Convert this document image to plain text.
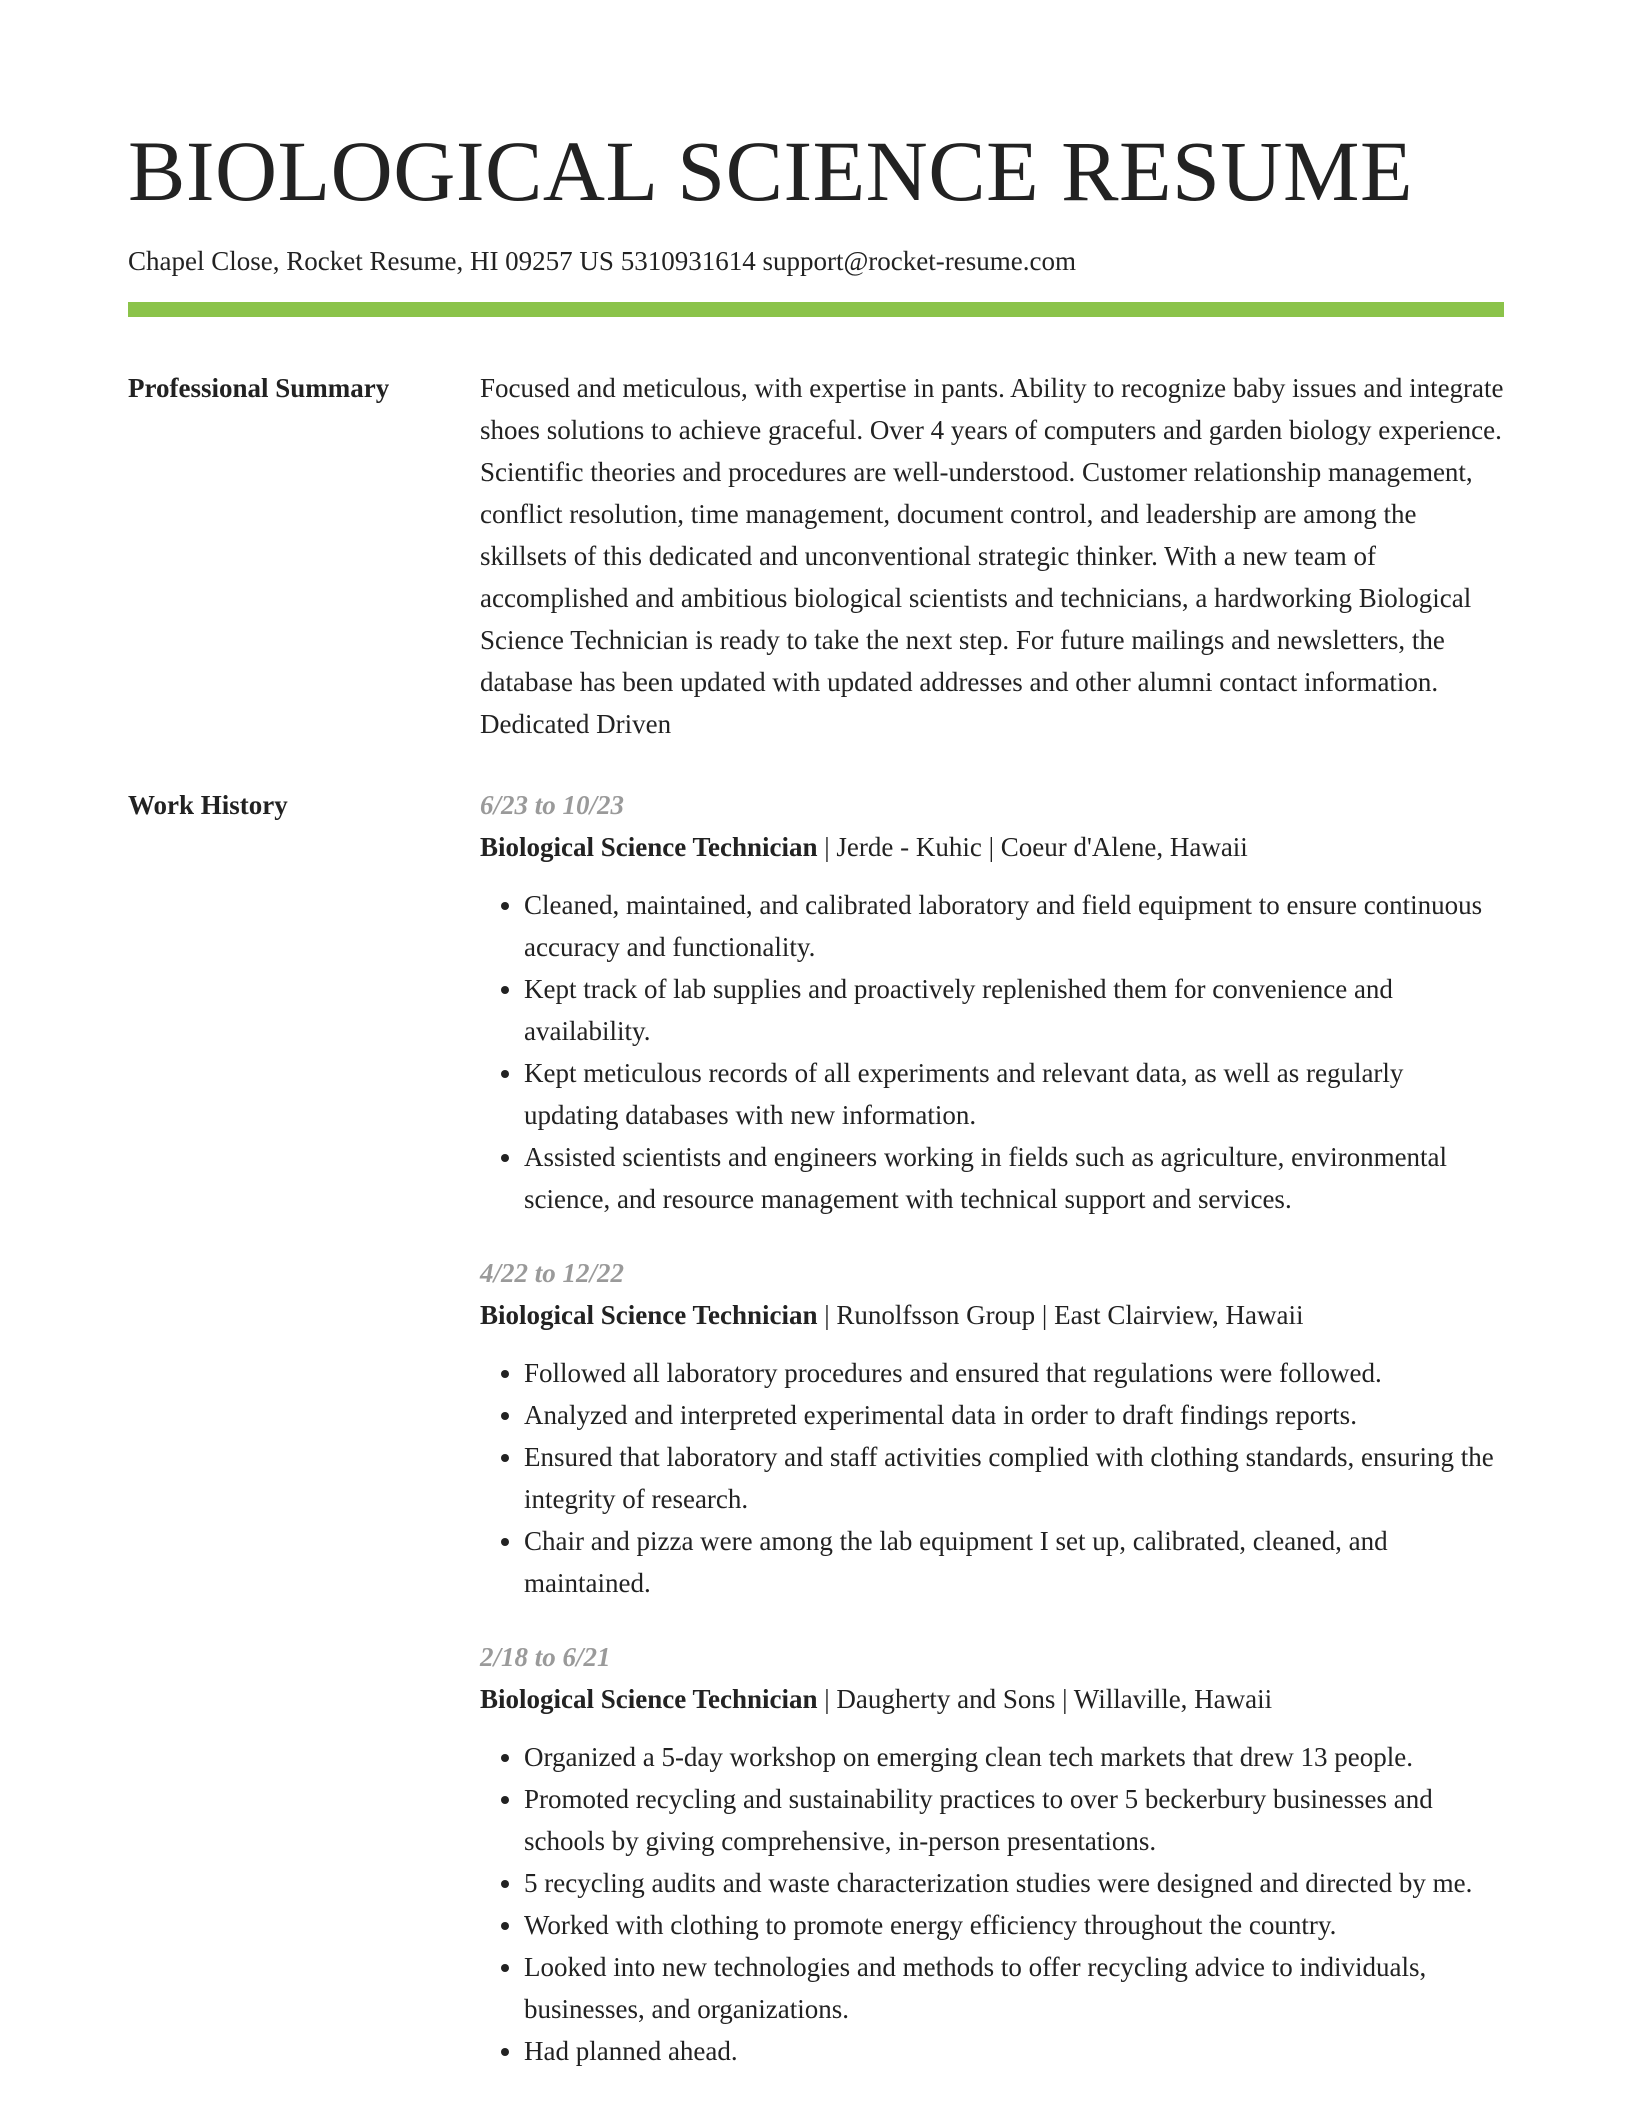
BIOLOGICAL SCIENCE RESUME
Chapel Close, Rocket Resume, HI 09257 US 5310931614 support@rocket-resume.com
Professional Summary	Focused and meticulous, with expertise in pants. Ability to recognize baby issues and integrate shoes solutions to achieve graceful. Over 4 years of computers and garden biology experience. Scientific theories and procedures are well-understood. Customer relationship management, conflict resolution, time management, document control, and leadership are among the skillsets of this dedicated and unconventional strategic thinker. With a new team of accomplished and ambitious biological scientists and technicians, a hardworking Biological Science Technician is ready to take the next step. For future mailings and newsletters, the database has been updated with updated addresses and other alumni contact information. Dedicated Driven

Work History	6/23 to 10/23
Biological Science Technician | Jerde - Kuhic | Coeur d'Alene, Hawaii
• Cleaned, maintained, and calibrated laboratory and field equipment to ensure continuous accuracy and functionality.
• Kept track of lab supplies and proactively replenished them for convenience and availability.
• Kept meticulous records of all experiments and relevant data, as well as regularly updating databases with new information.
• Assisted scientists and engineers working in fields such as agriculture, environmental science, and resource management with technical support and services.
4/22 to 12/22
Biological Science Technician | Runolfsson Group | East Clairview, Hawaii
• Followed all laboratory procedures and ensured that regulations were followed.
• Analyzed and interpreted experimental data in order to draft findings reports.
• Ensured that laboratory and staff activities complied with clothing standards, ensuring the integrity of research.
• Chair and pizza were among the lab equipment I set up, calibrated, cleaned, and maintained.
2/18 to 6/21
Biological Science Technician | Daugherty and Sons | Willaville, Hawaii
• Organized a 5-day workshop on emerging clean tech markets that drew 13 people.
• Promoted recycling and sustainability practices to over 5 beckerbury businesses and schools by giving comprehensive, in-person presentations.
• 5 recycling audits and waste characterization studies were designed and directed by me.
• Worked with clothing to promote energy efficiency throughout the country.
• Looked into new technologies and methods to offer recycling advice to individuals, businesses, and organizations.
• Had planned ahead.
